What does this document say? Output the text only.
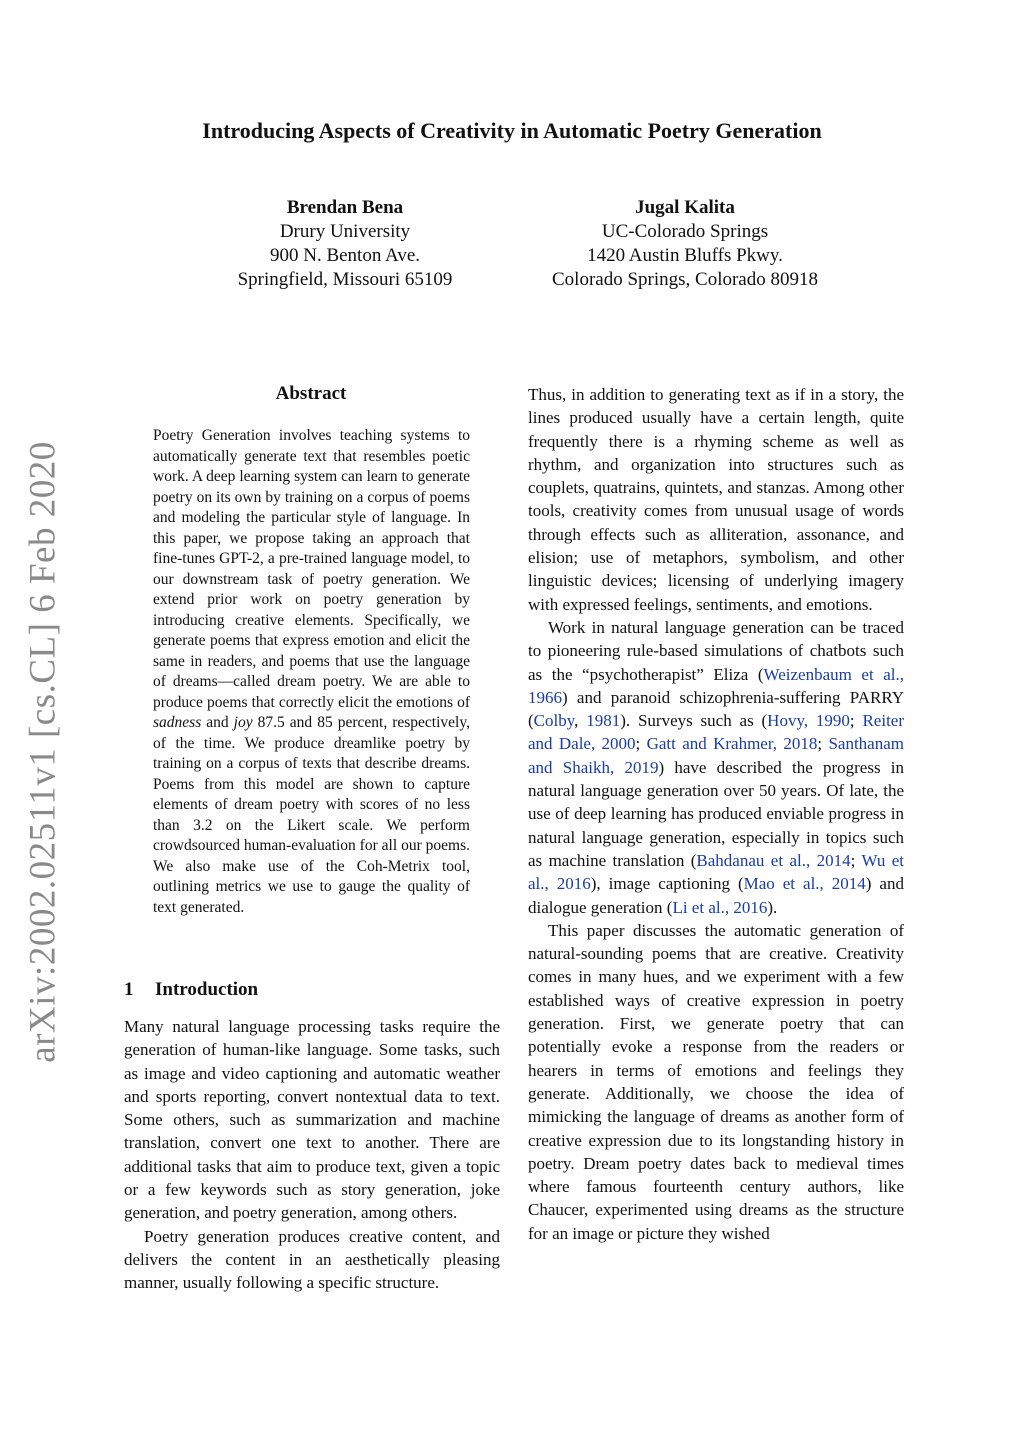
arXiv:2002.02511v1 [cs.CL] 6 Feb 2020
Introducing Aspects of Creativity in Automatic Poetry Generation
Brendan Bena
Drury University
900 N. Benton Ave.
Springfield, Missouri 65109
Jugal Kalita
UC-Colorado Springs
1420 Austin Bluffs Pkwy.
Colorado Springs, Colorado 80918
Abstract

Poetry Generation involves teaching systems to automatically generate text that resembles poetic work. A deep learning system can learn to generate poetry on its own by training on a corpus of poems and modeling the particular style of language. In this paper, we propose taking an approach that fine-tunes GPT-2, a pre-trained language model, to our downstream task of poetry generation. We extend prior work on poetry generation by introducing creative elements. Specifically, we generate poems that express emotion and elicit the same in readers, and poems that use the language of dreams—called dream poetry. We are able to produce poems that correctly elicit the emotions of sadness and joy 87.5 and 85 percent, respectively, of the time. We produce dreamlike poetry by training on a corpus of texts that describe dreams. Poems from this model are shown to capture elements of dream poetry with scores of no less than 3.2 on the Likert scale. We perform crowdsourced human-evaluation for all our poems. We also make use of the Coh-Metrix tool, outlining metrics we use to gauge the quality of text generated.

1 Introduction

Many natural language processing tasks require the generation of human-like language. Some tasks, such as image and video captioning and automatic weather and sports reporting, convert nontextual data to text. Some others, such as summarization and machine translation, convert one text to another. There are additional tasks that aim to produce text, given a topic or a few keywords such as story generation, joke generation, and poetry generation, among others.

Poetry generation produces creative content, and delivers the content in an aesthetically pleasing manner, usually following a specific structure.

Thus, in addition to generating text as if in a story, the lines produced usually have a certain length, quite frequently there is a rhyming scheme as well as rhythm, and organization into structures such as couplets, quatrains, quintets, and stanzas. Among other tools, creativity comes from unusual usage of words through effects such as alliteration, assonance, and elision; use of metaphors, symbolism, and other linguistic devices; licensing of underlying imagery with expressed feelings, sentiments, and emotions.

Work in natural language generation can be traced to pioneering rule-based simulations of chatbots such as the “psychotherapist” Eliza (Weizenbaum et al., 1966) and paranoid schizophrenia-suffering PARRY (Colby, 1981). Surveys such as (Hovy, 1990; Reiter and Dale, 2000; Gatt and Krahmer, 2018; Santhanam and Shaikh, 2019) have described the progress in natural language generation over 50 years. Of late, the use of deep learning has produced enviable progress in natural language generation, especially in topics such as machine translation (Bahdanau et al., 2014; Wu et al., 2016), image captioning (Mao et al., 2014) and dialogue generation (Li et al., 2016).

This paper discusses the automatic generation of natural-sounding poems that are creative. Creativity comes in many hues, and we experiment with a few established ways of creative expression in poetry generation. First, we generate poetry that can potentially evoke a response from the readers or hearers in terms of emotions and feelings they generate. Additionally, we choose the idea of mimicking the language of dreams as another form of creative expression due to its longstanding history in poetry. Dream poetry dates back to medieval times where famous fourteenth century authors, like Chaucer, experimented using dreams as the structure for an image or picture they wished
